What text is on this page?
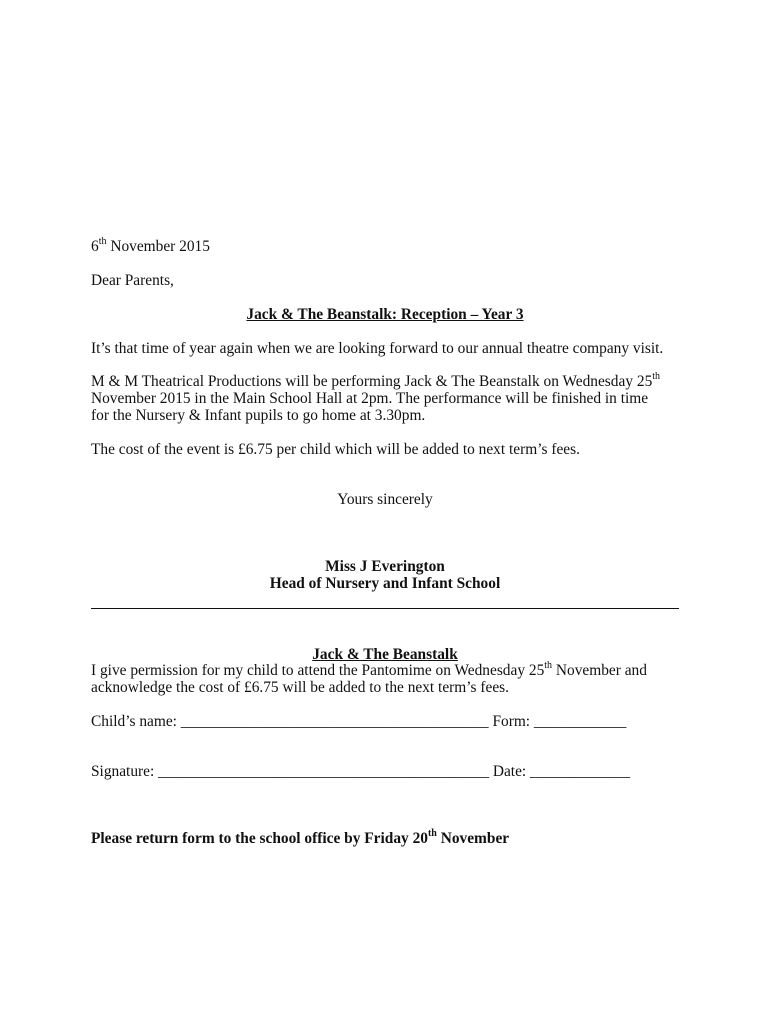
6th November 2015
Dear Parents,
Jack & The Beanstalk: Reception – Year 3
It’s that time of year again when we are looking forward to our annual theatre company visit.
M & M Theatrical Productions will be performing Jack & The Beanstalk on Wednesday 25th
November 2015 in the Main School Hall at 2pm. The performance will be finished in time
for the Nursery & Infant pupils to go home at 3.30pm.
The cost of the event is £6.75 per child which will be added to next term’s fees.
Yours sincerely
Miss J Everington
Head of Nursery and Infant School
Jack & The Beanstalk
I give permission for my child to attend the Pantomime on Wednesday 25th November and
acknowledge the cost of £6.75 will be added to the next term’s fees.
Child’s name: ________________________________________ Form: ____________
Signature: ___________________________________________ Date: _____________
Please return form to the school office by Friday 20th November
